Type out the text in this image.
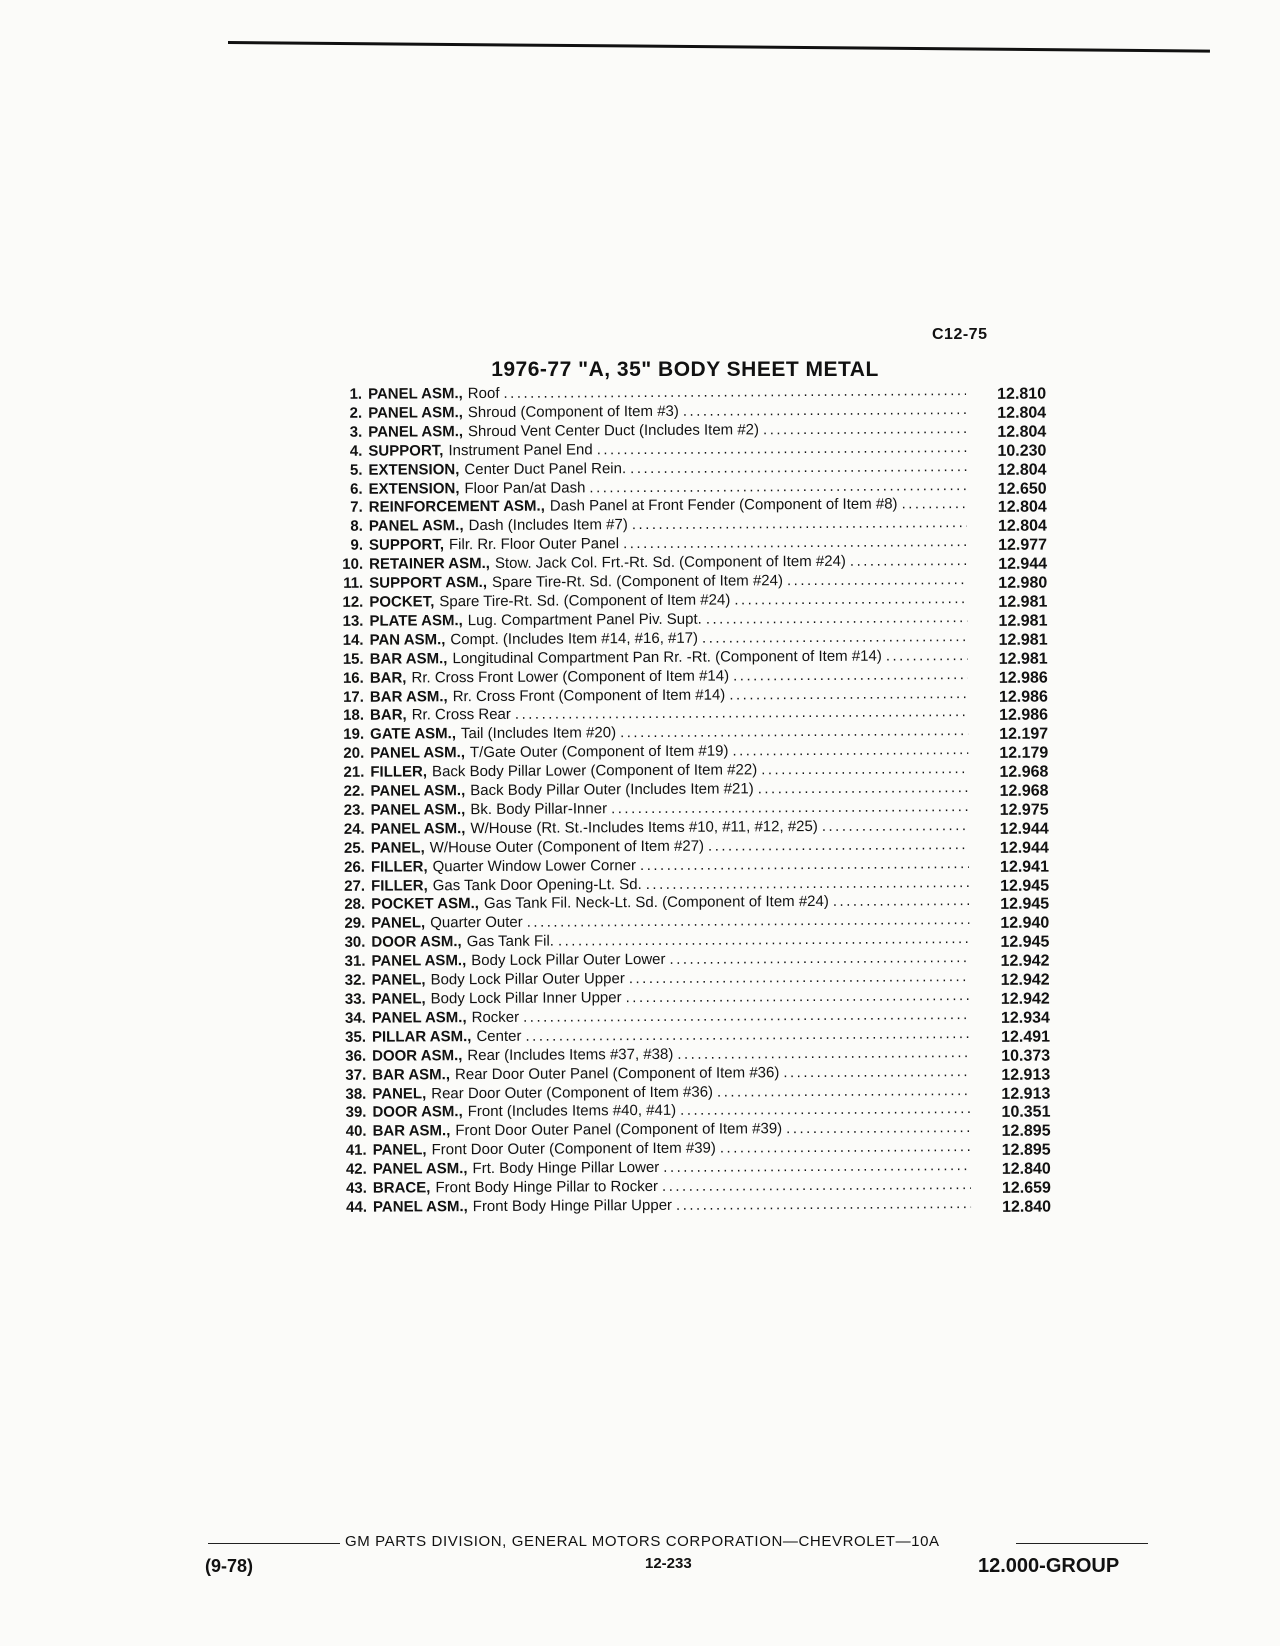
C12-75
1976-77 "A, 35" BODY SHEET METAL
1. PANEL ASM., Roof .....	12.810
2. PANEL ASM., Shroud (Component of Item #3) .....	12.804
3. PANEL ASM., Shroud Vent Center Duct (Includes Item #2) .....	12.804
4. SUPPORT, Instrument Panel End .....	10.230
5. EXTENSION, Center Duct Panel Rein. .....	12.804
6. EXTENSION, Floor Pan/at Dash .....	12.650
7. REINFORCEMENT ASM., Dash Panel at Front Fender (Component of Item #8) .....	12.804
8. PANEL ASM., Dash (Includes Item #7) .....	12.804
9. SUPPORT, Filr. Rr. Floor Outer Panel .....	12.977
10. RETAINER ASM., Stow. Jack Col. Frt.-Rt. Sd. (Component of Item #24) .....	12.944
11. SUPPORT ASM., Spare Tire-Rt. Sd. (Component of Item #24) .....	12.980
12. POCKET, Spare Tire-Rt. Sd. (Component of Item #24) .....	12.981
13. PLATE ASM., Lug. Compartment Panel Piv. Supt. .....	12.981
14. PAN ASM., Compt. (Includes Item #14, #16, #17) .....	12.981
15. BAR ASM., Longitudinal Compartment Pan Rr. -Rt. (Component of Item #14) .....	12.981
16. BAR, Rr. Cross Front Lower (Component of Item #14) .....	12.986
17. BAR ASM., Rr. Cross Front (Component of Item #14) .....	12.986
18. BAR, Rr. Cross Rear .....	12.986
19. GATE ASM., Tail (Includes Item #20) .....	12.197
20. PANEL ASM., T/Gate Outer (Component of Item #19) .....	12.179
21. FILLER, Back Body Pillar Lower (Component of Item #22) .....	12.968
22. PANEL ASM., Back Body Pillar Outer (Includes Item #21) .....	12.968
23. PANEL ASM., Bk. Body Pillar-Inner .....	12.975
24. PANEL ASM., W/House (Rt. St.-Includes Items #10, #11, #12, #25) .....	12.944
25. PANEL, W/House Outer (Component of Item #27) .....	12.944
26. FILLER, Quarter Window Lower Corner .....	12.941
27. FILLER, Gas Tank Door Opening-Lt. Sd. .....	12.945
28. POCKET ASM., Gas Tank Fil. Neck-Lt. Sd. (Component of Item #24) .....	12.945
29. PANEL, Quarter Outer .....	12.940
30. DOOR ASM., Gas Tank Fil. .....	12.945
31. PANEL ASM., Body Lock Pillar Outer Lower .....	12.942
32. PANEL, Body Lock Pillar Outer Upper .....	12.942
33. PANEL, Body Lock Pillar Inner Upper .....	12.942
34. PANEL ASM., Rocker .....	12.934
35. PILLAR ASM., Center .....	12.491
36. DOOR ASM., Rear (Includes Items #37, #38) .....	10.373
37. BAR ASM., Rear Door Outer Panel (Component of Item #36) .....	12.913
38. PANEL, Rear Door Outer (Component of Item #36) .....	12.913
39. DOOR ASM., Front (Includes Items #40, #41) .....	10.351
40. BAR ASM., Front Door Outer Panel (Component of Item #39) .....	12.895
41. PANEL, Front Door Outer (Component of Item #39) .....	12.895
42. PANEL ASM., Frt. Body Hinge Pillar Lower .....	12.840
43. BRACE, Front Body Hinge Pillar to Rocker .....	12.659
44. PANEL ASM., Front Body Hinge Pillar Upper .....	12.840
GM PARTS DIVISION, GENERAL MOTORS CORPORATION—CHEVROLET—10A
(9-78)	12-233	12.000-GROUP
